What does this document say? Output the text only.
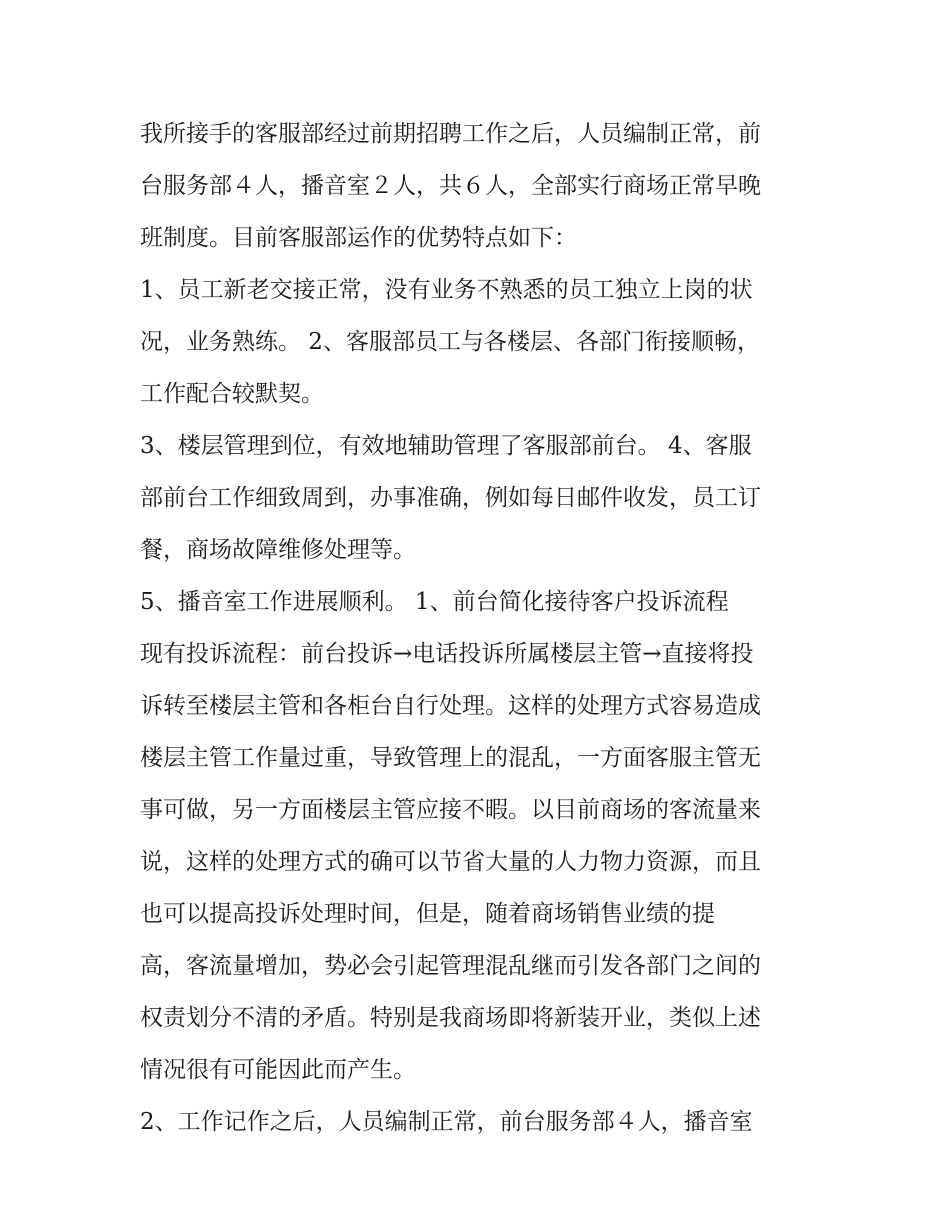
我所接手的客服部经过前期招聘工作之后，人员编制正常，前
台服务部４人，播音室２人，共６人，全部实行商场正常早晚
班制度。目前客服部运作的优势特点如下：
1、员工新老交接正常，没有业务不熟悉的员工独立上岗的状
况，业务熟练。 2、客服部员工与各楼层、各部门衔接顺畅，
工作配合较默契。
3、楼层管理到位，有效地辅助管理了客服部前台。 4、客服
部前台工作细致周到，办事准确，例如每日邮件收发，员工订
餐，商场故障维修处理等。
5、播音室工作进展顺利。 1、前台简化接待客户投诉流程
现有投诉流程：前台投诉→电话投诉所属楼层主管→直接将投
诉转至楼层主管和各柜台自行处理。这样的处理方式容易造成
楼层主管工作量过重，导致管理上的混乱，一方面客服主管无
事可做，另一方面楼层主管应接不暇。以目前商场的客流量来
说，这样的处理方式的确可以节省大量的人力物力资源，而且
也可以提高投诉处理时间，但是，随着商场销售业绩的提
高，客流量增加，势必会引起管理混乱继而引发各部门之间的
权责划分不清的矛盾。特别是我商场即将新装开业，类似上述
情况很有可能因此而产生。
2、工作记作之后，人员编制正常，前台服务部４人，播音室
